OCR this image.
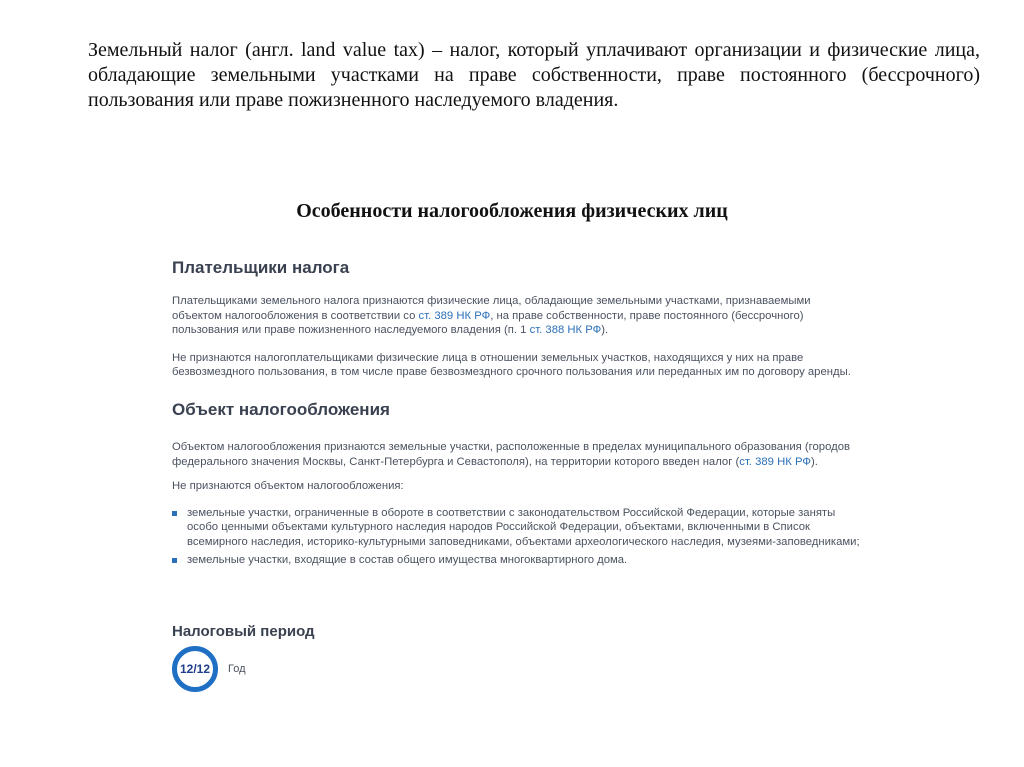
Земельный налог (англ. land value tax) – налог, который уплачивают организации и физические лица, обладающие земельными участками на праве собственности, праве постоянного (бессрочного) пользования или праве пожизненного наследуемого владения.

Особенности налогообложения физических лиц
Плательщики налога

Плательщиками земельного налога признаются физические лица, обладающие земельными участками, признаваемыми объектом налогообложения в соответствии со ст. 389 НК РФ, на праве собственности, праве постоянного (бессрочного) пользования или праве пожизненного наследуемого владения (п. 1 ст. 388 НК РФ).

Не признаются налогоплательщиками физические лица в отношении земельных участков, находящихся у них на праве безвозмездного пользования, в том числе праве безвозмездного срочного пользования или переданных им по договору аренды.

Объект налогообложения

Объектом налогообложения признаются земельные участки, расположенные в пределах муниципального образования (городов федерального значения Москвы, Санкт-Петербурга и Севастополя), на территории которого введен налог (ст. 389 НК РФ).

Не признаются объектом налогообложения:

земельные участки, ограниченные в обороте в соответствии с законодательством Российской Федерации, которые заняты особо ценными объектами культурного наследия народов Российской Федерации, объектами, включенными в Список всемирного наследия, историко-культурными заповедниками, объектами археологического наследия, музеями-заповедниками;

земельные участки, входящие в состав общего имущества многоквартирного дома.

Налоговый период
12/12	Год
